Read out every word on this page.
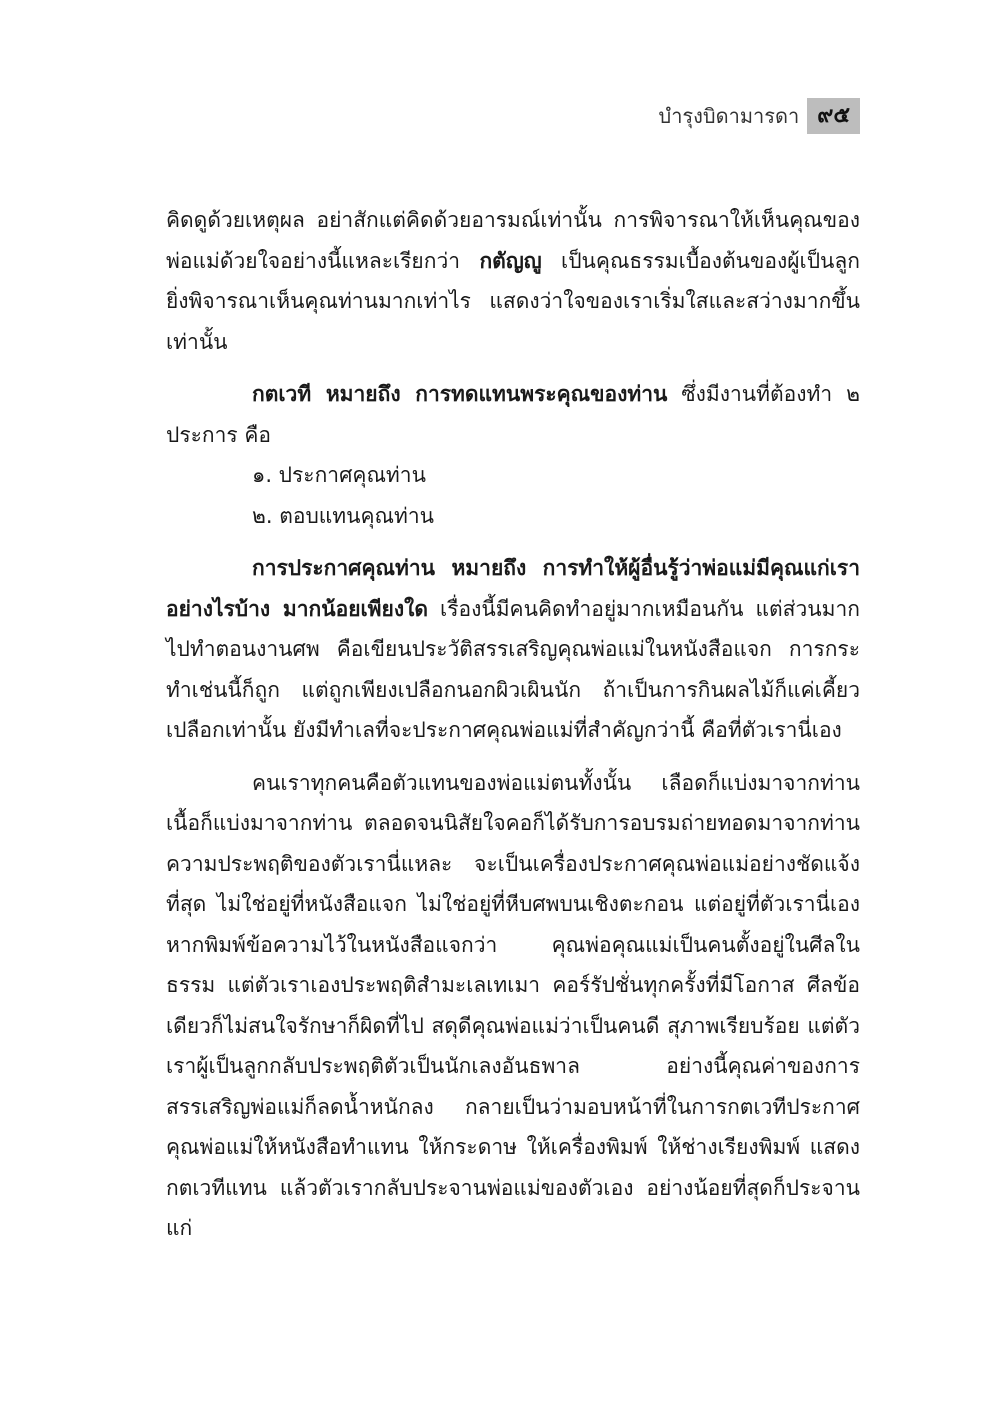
บำรุงบิดามารดา ๙๕

คิดดูด้วยเหตุผล อย่าสักแต่คิดด้วยอารมณ์เท่านั้น การพิจารณาให้เห็นคุณของพ่อแม่ด้วยใจอย่างนี้แหละเรียกว่า กตัญญู เป็นคุณธรรมเบื้องต้นของผู้เป็นลูก ยิ่งพิจารณาเห็นคุณท่านมากเท่าไร แสดงว่าใจของเราเริ่มใสและสว่างมากขึ้นเท่านั้น

กตเวที หมายถึง การทดแทนพระคุณของท่าน ซึ่งมีงานที่ต้องทำ ๒ ประการ คือ

๑. ประกาศคุณท่าน

๒. ตอบแทนคุณท่าน

การประกาศคุณท่าน หมายถึง การทำให้ผู้อื่นรู้ว่าพ่อแม่มีคุณแก่เราอย่างไรบ้าง มากน้อยเพียงใด เรื่องนี้มีคนคิดทำอยู่มากเหมือนกัน แต่ส่วนมากไปทำตอนงานศพ คือเขียนประวัติสรรเสริญคุณพ่อแม่ในหนังสือแจก การกระทำเช่นนี้ก็ถูก แต่ถูกเพียงเปลือกนอกผิวเผินนัก ถ้าเป็นการกินผลไม้ก็แค่เคี้ยวเปลือกเท่านั้น ยังมีทำเลที่จะประกาศคุณพ่อแม่ที่สำคัญกว่านี้ คือที่ตัวเรานี่เอง

คนเราทุกคนคือตัวแทนของพ่อแม่ตนทั้งนั้น เลือดก็แบ่งมาจากท่าน เนื้อก็แบ่งมาจากท่าน ตลอดจนนิสัยใจคอก็ได้รับการอบรมถ่ายทอดมาจากท่าน ความประพฤติของตัวเรานี่แหละ จะเป็นเครื่องประกาศคุณพ่อแม่อย่างชัดแจ้งที่สุด ไม่ใช่อยู่ที่หนังสือแจก ไม่ใช่อยู่ที่หีบศพบนเชิงตะกอน แต่อยู่ที่ตัวเรานี่เอง หากพิมพ์ข้อความไว้ในหนังสือแจกว่า คุณพ่อคุณแม่เป็นคนตั้งอยู่ในศีลในธรรม แต่ตัวเราเองประพฤติสำมะเลเทเมา คอร์รัปชั่นทุกครั้งที่มีโอกาส ศีลข้อเดียวก็ไม่สนใจรักษาก็ผิดที่ไป สดุดีคุณพ่อแม่ว่าเป็นคนดี สุภาพเรียบร้อย แต่ตัวเราผู้เป็นลูกกลับประพฤติตัวเป็นนักเลงอันธพาล อย่างนี้คุณค่าของการสรรเสริญพ่อแม่ก็ลดน้ำหนักลง กลายเป็นว่ามอบหน้าที่ในการกตเวทีประกาศคุณพ่อแม่ให้หนังสือทำแทน ให้กระดาษ ให้เครื่องพิมพ์ ให้ช่างเรียงพิมพ์ แสดงกตเวทีแทน แล้วตัวเรากลับประจานพ่อแม่ของตัวเอง อย่างน้อยที่สุดก็ประจานแก่
